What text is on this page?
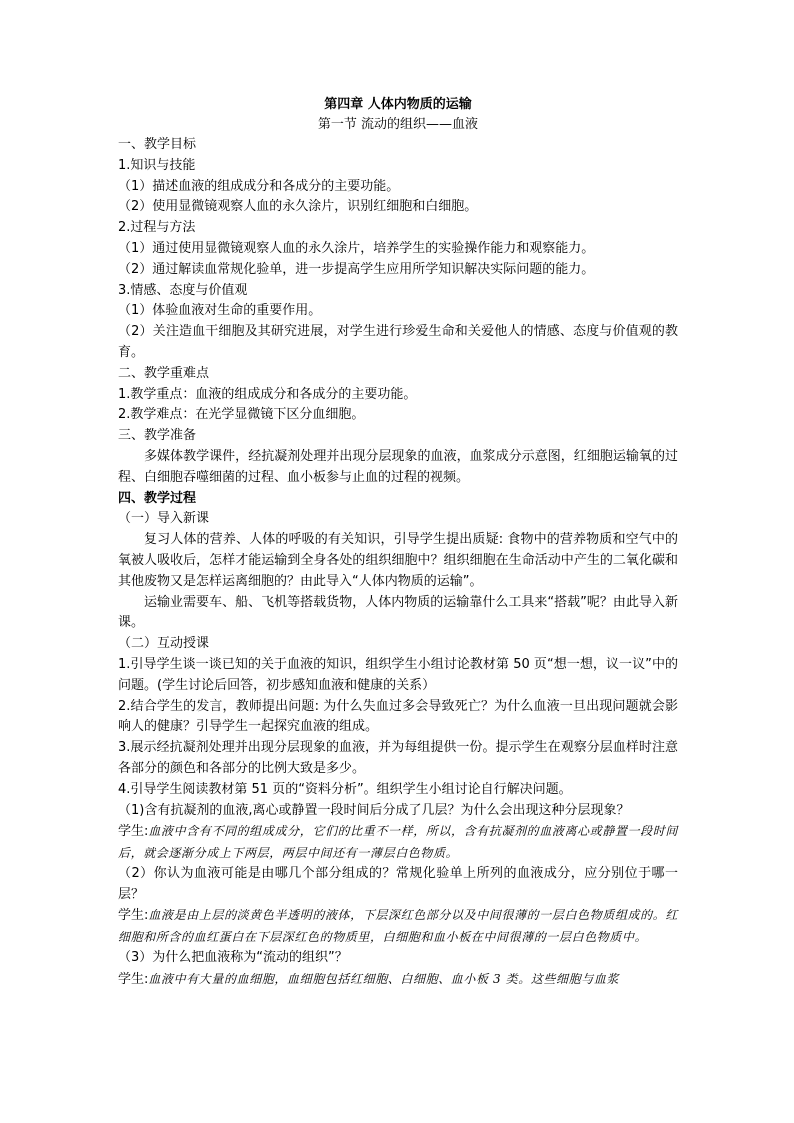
第四章 人体内物质的运输
第一节 流动的组织——血液
一、教学目标
1.知识与技能
（1）描述血液的组成成分和各成分的主要功能。
（2）使用显微镜观察人血的永久涂片，识别红细胞和白细胞。
2.过程与方法
（1）通过使用显微镜观察人血的永久涂片，培养学生的实验操作能力和观察能力。
（2）通过解读血常规化验单，进一步提高学生应用所学知识解决实际问题的能力。
3.情感、态度与价值观
（1）体验血液对生命的重要作用。
（2）关注造血干细胞及其研究进展，对学生进行珍爱生命和关爱他人的情感、态度与价值观的教育。
二、教学重难点
1.教学重点：血液的组成成分和各成分的主要功能。
2.教学难点：在光学显微镜下区分血细胞。
三、教学准备
多媒体教学课件，经抗凝剂处理并出现分层现象的血液，血浆成分示意图，红细胞运输氧的过程、白细胞吞噬细菌的过程、血小板参与止血的过程的视频。
四、教学过程
（一）导入新课
复习人体的营养、人体的呼吸的有关知识，引导学生提出质疑: 食物中的营养物质和空气中的氧被人吸收后，怎样才能运输到全身各处的组织细胞中？组织细胞在生命活动中产生的二氧化碳和其他废物又是怎样运离细胞的？由此导入“人体内物质的运输”。
运输业需要车、船、飞机等搭载货物，人体内物质的运输靠什么工具来“搭载”呢？由此导入新课。
（二）互动授课
1.引导学生谈一谈已知的关于血液的知识，组织学生小组讨论教材第 50 页“想一想，议一议”中的问题。(学生讨论后回答，初步感知血液和健康的关系）
2.结合学生的发言，教师提出问题: 为什么失血过多会导致死亡？为什么血液一旦出现问题就会影响人的健康？引导学生一起探究血液的组成。
3.展示经抗凝剂处理并出现分层现象的血液，并为每组提供一份。提示学生在观察分层血样时注意各部分的颜色和各部分的比例大致是多少。
4.引导学生阅读教材第 51 页的“资料分析”。组织学生小组讨论自行解决问题。
（1)含有抗凝剂的血液,离心或静置一段时间后分成了几层？为什么会出现这种分层现象？
学生:血液中含有不同的组成成分，它们的比重不一样，所以，含有抗凝剂的血液离心或静置一段时间后，就会逐渐分成上下两层，两层中间还有一薄层白色物质。
（2）你认为血液可能是由哪几个部分组成的？常规化验单上所列的血液成分，应分别位于哪一层？
学生:血液是由上层的淡黄色半透明的液体，下层深红色部分以及中间很薄的一层白色物质组成的。红细胞和所含的血红蛋白在下层深红色的物质里，白细胞和血小板在中间很薄的一层白色物质中。
（3）为什么把血液称为“流动的组织”？
学生:血液中有大量的血细胞，血细胞包括红细胞、白细胞、血小板 3 类。这些细胞与血浆
